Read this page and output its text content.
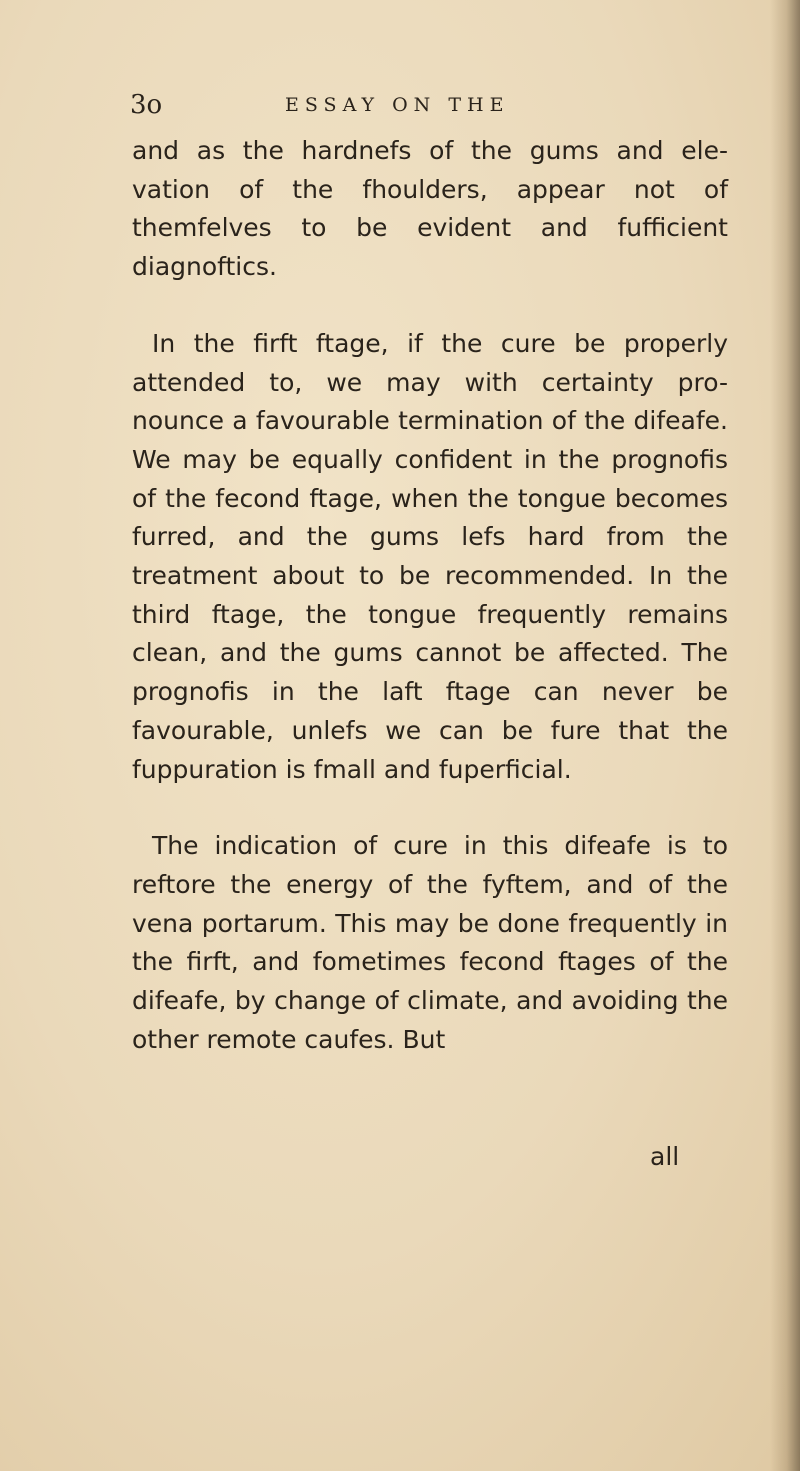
3o	ESSAY ON THE

and as the hardnefs of the gums and ele- vation of the fhoulders, appear not of themfelves to be evident and fufficient diagnoftics.

In the firft ftage, if the cure be properly attended to, we may with certainty pro- nounce a favourable termination of the difeafe. We may be equally confident in the prognofis of the fecond ftage, when the tongue becomes furred, and the gums lefs hard from the treatment about to be recommended. In the third ftage, the tongue frequently remains clean, and the gums cannot be affected. The prognofis in the laft ftage can never be favourable, unlefs we can be fure that the fuppuration is fmall and fuperficial.

The indication of cure in this difeafe is to reftore the energy of the fyftem, and of the vena portarum. This may be done frequently in the firft, and fometimes fecond ftages of the difeafe, by change of climate, and avoiding the other remote caufes. But

all
